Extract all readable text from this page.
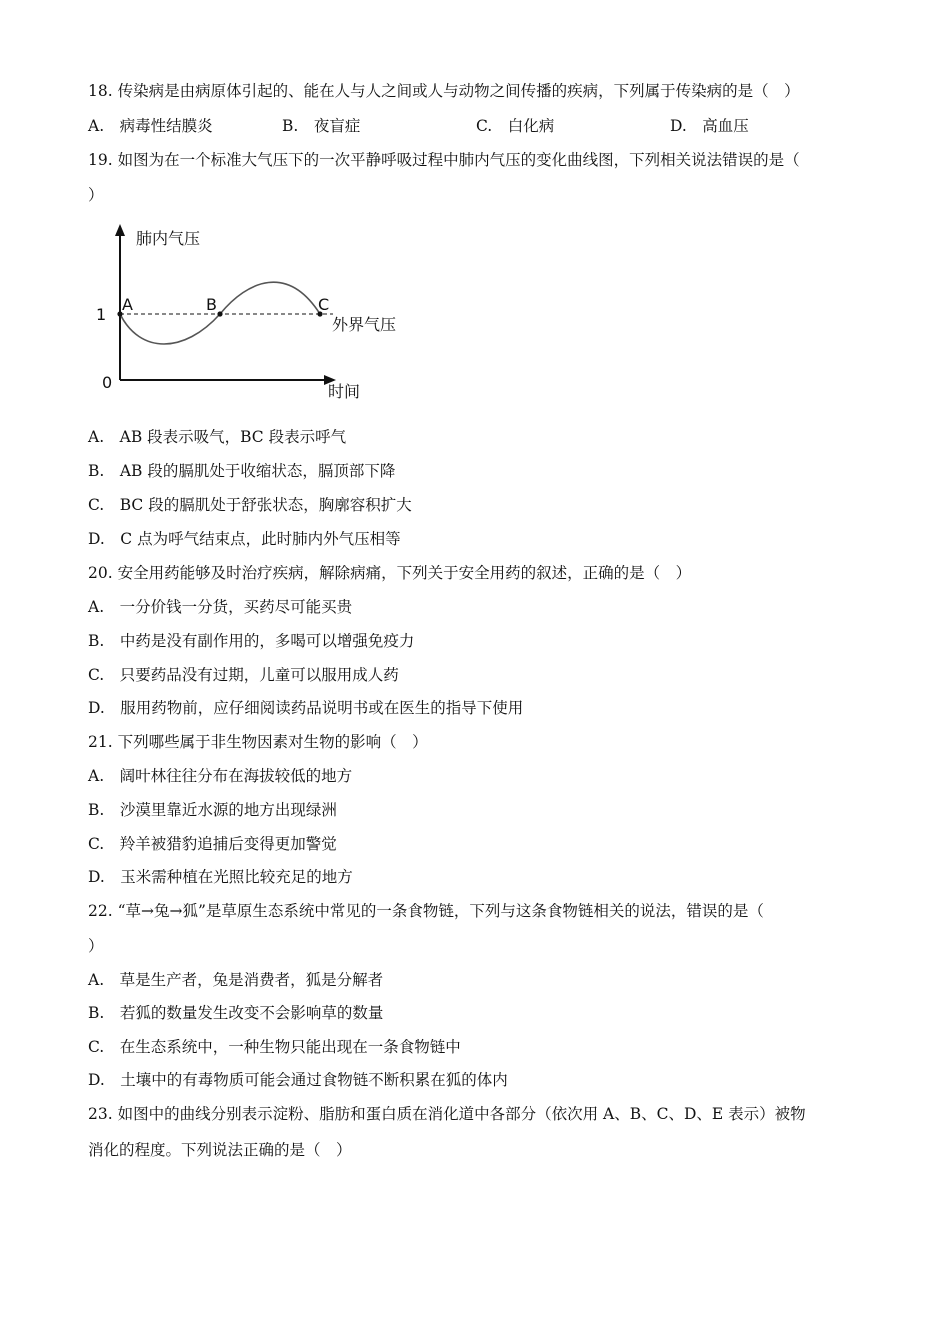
18. 传染病是由病原体引起的、能在人与人之间或人与动物之间传播的疾病，下列属于传染病的是（　）
A.　病毒性结膜炎	B.　夜盲症	C.　白化病	D.　高血压
19. 如图为在一个标准大气压下的一次平静呼吸过程中肺内气压的变化曲线图，下列相关说法错误的是（
）
肺内气压
时间
外界气压
1
0
A	B	C
A.　AB 段表示吸气，BC 段表示呼气
B.　AB 段的膈肌处于收缩状态，膈顶部下降
C.　BC 段的膈肌处于舒张状态，胸廓容积扩大
D.　C 点为呼气结束点，此时肺内外气压相等
20. 安全用药能够及时治疗疾病，解除病痛，下列关于安全用药的叙述，正确的是（　）
A.　一分价钱一分货，买药尽可能买贵
B.　中药是没有副作用的，多喝可以增强免疫力
C.　只要药品没有过期，儿童可以服用成人药
D.　服用药物前，应仔细阅读药品说明书或在医生的指导下使用
21. 下列哪些属于非生物因素对生物的影响（　）
A.　阔叶林往往分布在海拔较低的地方
B.　沙漠里靠近水源的地方出现绿洲
C.　羚羊被猎豹追捕后变得更加警觉
D.　玉米需种植在光照比较充足的地方
22. “草→兔→狐”是草原生态系统中常见的一条食物链，下列与这条食物链相关的说法，错误的是（
）
A.　草是生产者，兔是消费者，狐是分解者
B.　若狐的数量发生改变不会影响草的数量
C.　在生态系统中，一种生物只能出现在一条食物链中
D.　土壤中的有毒物质可能会通过食物链不断积累在狐的体内
23. 如图中的曲线分别表示淀粉、脂肪和蛋白质在消化道中各部分（依次用 A、B、C、D、E 表示）被物
消化的程度。下列说法正确的是（　）
